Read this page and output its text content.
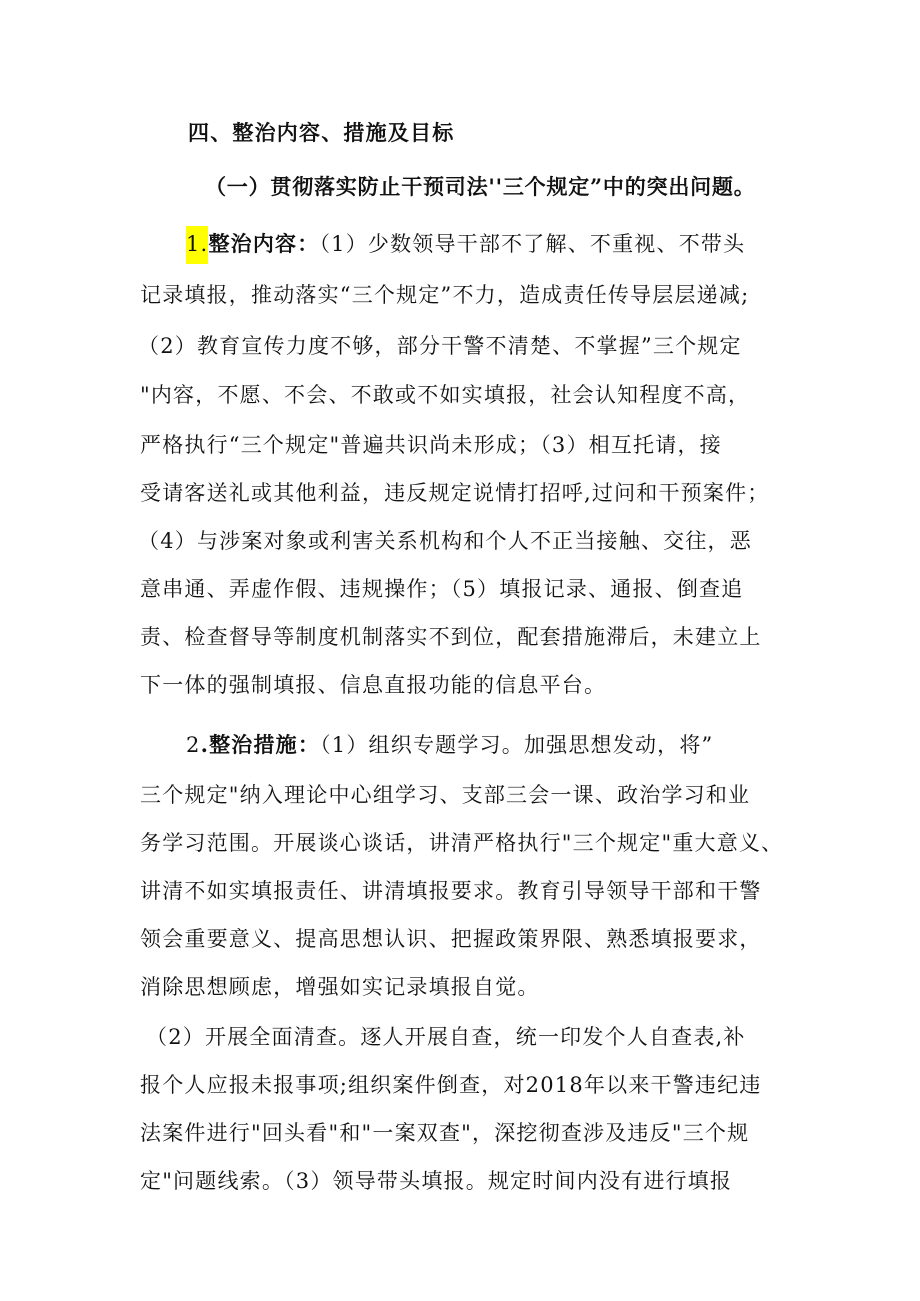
四、整治内容、措施及目标
（一）贯彻落实防止干预司法''三个规定”中的突出问题。
1.整治内容：（1）少数领导干部不了解、不重视、不带头
记录填报，推动落实“三个规定”不力，造成责任传导层层递减;
（2）教育宣传力度不够，部分干警不清楚、不掌握”三个规定
"内容，不愿、不会、不敢或不如实填报，社会认知程度不高，
严格执行“三个规定"普遍共识尚未形成；（3）相互托请，接
受请客送礼或其他利益，违反规定说情打招呼,过问和干预案件；
（4）与涉案对象或利害关系机构和个人不正当接触、交往，恶
意串通、弄虚作假、违规操作；（5）填报记录、通报、倒查追
责、检查督导等制度机制落实不到位，配套措施滞后，未建立上
下一体的强制填报、信息直报功能的信息平台。
2.整治措施：（1）组织专题学习。加强思想发动，将”
三个规定"纳入理论中心组学习、支部三会一课、政治学习和业
务学习范围。开展谈心谈话，讲清严格执行"三个规定"重大意义、
讲清不如实填报责任、讲清填报要求。教育引导领导干部和干警
领会重要意义、提高思想认识、把握政策界限、熟悉填报要求，
消除思想顾虑，增强如实记录填报自觉。
（2）开展全面清查。逐人开展自查，统一印发个人自查表,补
报个人应报未报事项;组织案件倒查，对2018年以来干警违纪违
法案件进行"回头看"和"一案双查"，深挖彻查涉及违反"三个规
定"问题线索。（3）领导带头填报。规定时间内没有进行填报
